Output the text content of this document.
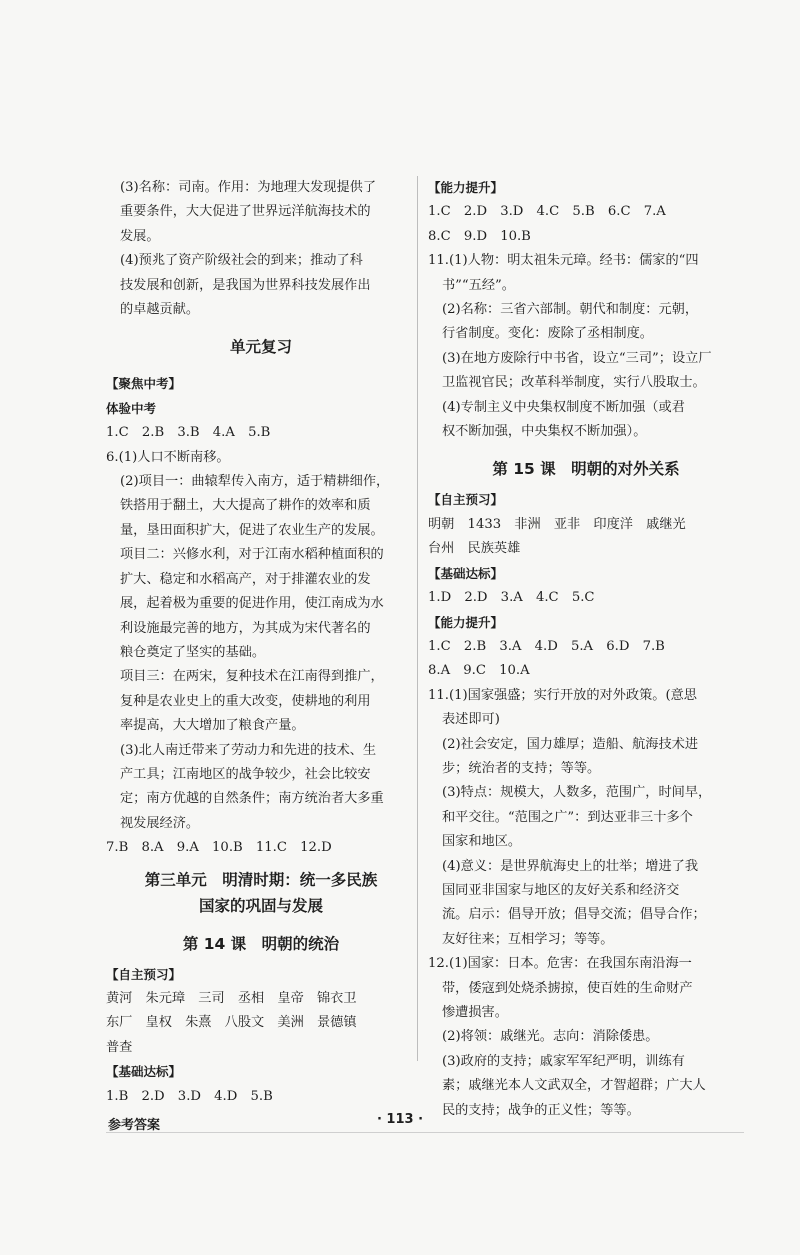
(3)名称：司南。作用：为地理大发现提供了

重要条件，大大促进了世界远洋航海技术的

发展。

(4)预兆了资产阶级社会的到来；推动了科

技发展和创新，是我国为世界科技发展作出

的卓越贡献。

单元复习

【聚焦中考】

体验中考

1.C　2.B　3.B　4.A　5.B

6.(1)人口不断南移。

(2)项目一：曲辕犁传入南方，适于精耕细作，

铁搭用于翻土，大大提高了耕作的效率和质

量，垦田面积扩大，促进了农业生产的发展。

项目二：兴修水利，对于江南水稻种植面积的

扩大、稳定和水稻高产，对于排灌农业的发

展，起着极为重要的促进作用，使江南成为水

利设施最完善的地方，为其成为宋代著名的

粮仓奠定了坚实的基础。

项目三：在两宋，复种技术在江南得到推广，

复种是农业史上的重大改变，使耕地的利用

率提高，大大增加了粮食产量。

(3)北人南迁带来了劳动力和先进的技术、生

产工具；江南地区的战争较少，社会比较安

定；南方优越的自然条件；南方统治者大多重

视发展经济。

7.B　8.A　9.A　10.B　11.C　12.D

第三单元　明清时期：统一多民族
国家的巩固与发展

第 14 课　明朝的统治

【自主预习】

黄河　朱元璋　三司　丞相　皇帝　锦衣卫

东厂　皇权　朱熹　八股文　美洲　景德镇

普查

【基础达标】

1.B　2.D　3.D　4.D　5.B

【能力提升】

1.C　2.D　3.D　4.C　5.B　6.C　7.A

8.C　9.D　10.B

11.(1)人物：明太祖朱元璋。经书：儒家的“四

书”“五经”。

(2)名称：三省六部制。朝代和制度：元朝，

行省制度。变化：废除了丞相制度。

(3)在地方废除行中书省，设立“三司”；设立厂

卫监视官民；改革科举制度，实行八股取士。

(4)专制主义中央集权制度不断加强（或君

权不断加强，中央集权不断加强）。

第 15 课　明朝的对外关系

【自主预习】

明朝　1433　非洲　亚非　印度洋　戚继光

台州　民族英雄

【基础达标】

1.D　2.D　3.A　4.C　5.C

【能力提升】

1.C　2.B　3.A　4.D　5.A　6.D　7.B

8.A　9.C　10.A

11.(1)国家强盛；实行开放的对外政策。(意思

表述即可)

(2)社会安定，国力雄厚；造船、航海技术进

步；统治者的支持；等等。

(3)特点：规模大，人数多，范围广，时间早，

和平交往。“范围之广”：到达亚非三十多个

国家和地区。

(4)意义：是世界航海史上的壮举；增进了我

国同亚非国家与地区的友好关系和经济交

流。启示：倡导开放；倡导交流；倡导合作；

友好往来；互相学习；等等。

12.(1)国家：日本。危害：在我国东南沿海一

带，倭寇到处烧杀掳掠，使百姓的生命财产

惨遭损害。

(2)将领：戚继光。志向：消除倭患。

(3)政府的支持；戚家军军纪严明，训练有

素；戚继光本人文武双全，才智超群；广大人

民的支持；战争的正义性；等等。

参考答案	· 113 ·
